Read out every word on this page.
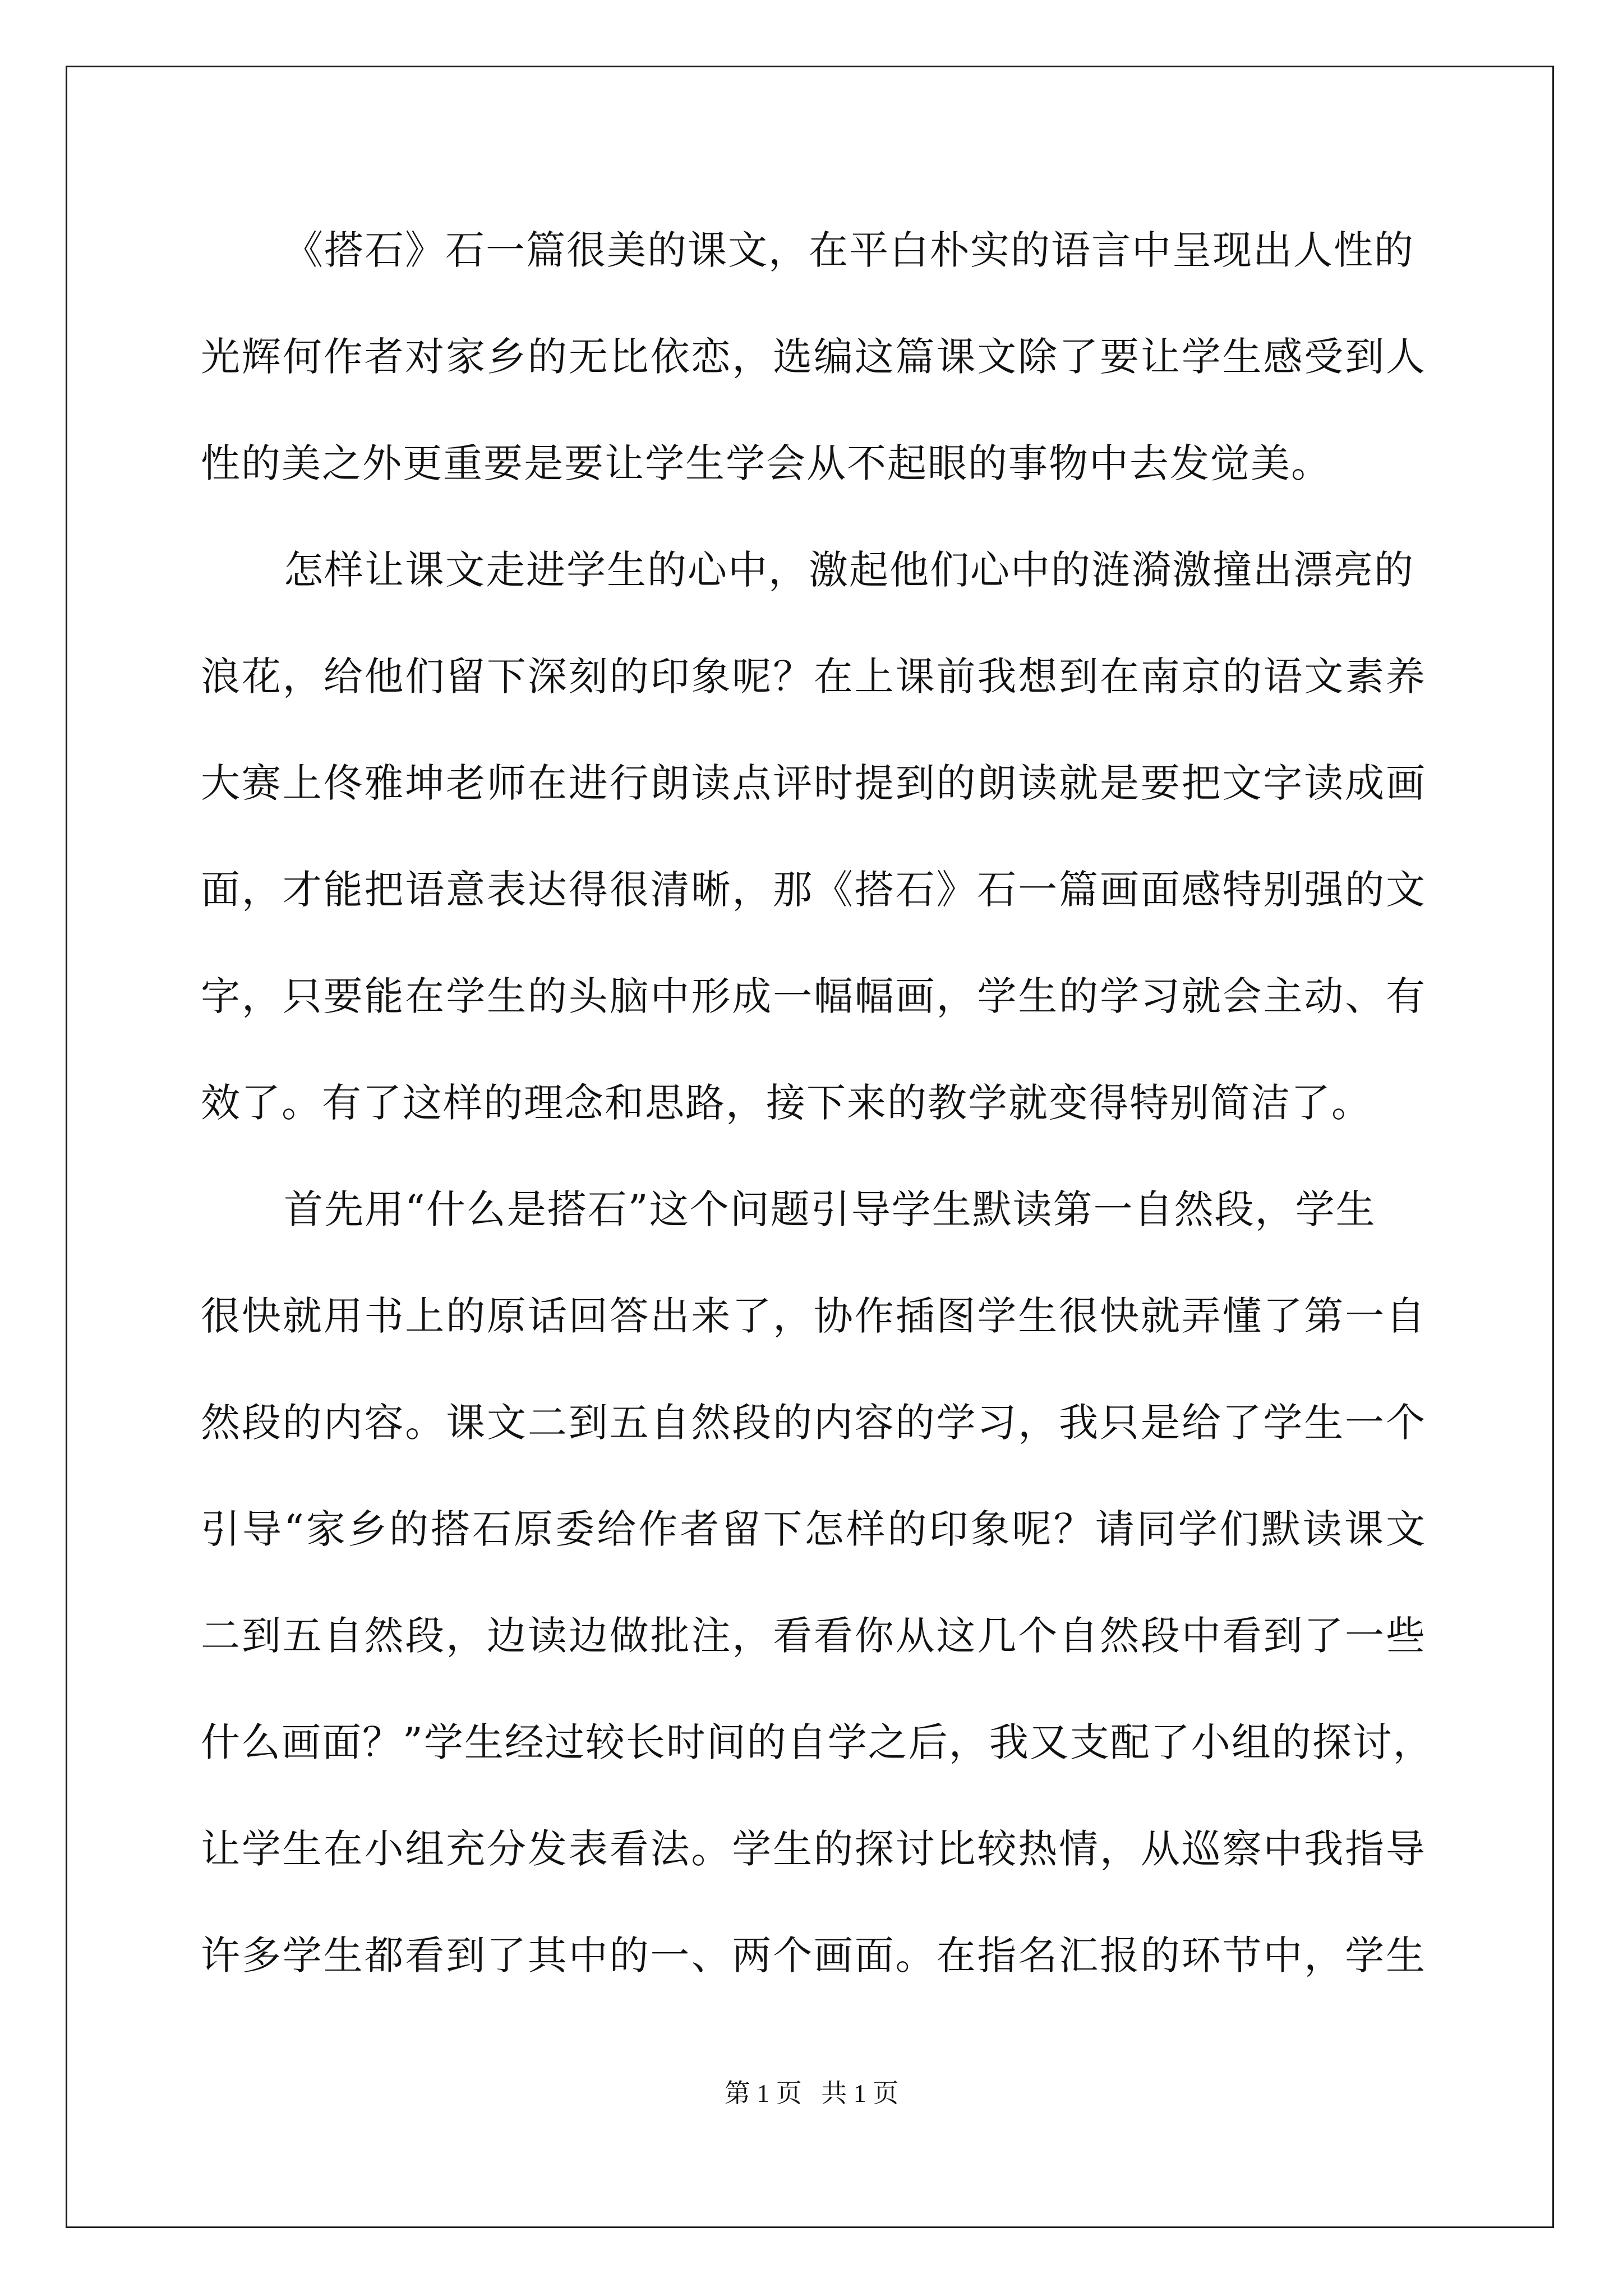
《搭石》石一篇很美的课文，在平白朴实的语言中呈现出人性的
光辉何作者对家乡的无比依恋，选编这篇课文除了要让学生感受到人
性的美之外更重要是要让学生学会从不起眼的事物中去发觉美。
怎样让课文走进学生的心中，激起他们心中的涟漪激撞出漂亮的
浪花，给他们留下深刻的印象呢？在上课前我想到在南京的语文素养
大赛上佟雅坤老师在进行朗读点评时提到的朗读就是要把文字读成画
面，才能把语意表达得很清晰，那《搭石》石一篇画面感特别强的文
字，只要能在学生的头脑中形成一幅幅画，学生的学习就会主动、有
效了。有了这样的理念和思路，接下来的教学就变得特别简洁了。
首先用“什么是搭石”这个问题引导学生默读第一自然段，学生
很快就用书上的原话回答出来了，协作插图学生很快就弄懂了第一自
然段的内容。课文二到五自然段的内容的学习，我只是给了学生一个
引导“家乡的搭石原委给作者留下怎样的印象呢？请同学们默读课文
二到五自然段，边读边做批注，看看你从这几个自然段中看到了一些
什么画面？”学生经过较长时间的自学之后，我又支配了小组的探讨，
让学生在小组充分发表看法。学生的探讨比较热情，从巡察中我指导
许多学生都看到了其中的一、两个画面。在指名汇报的环节中，学生
第 1 页   共 1 页
